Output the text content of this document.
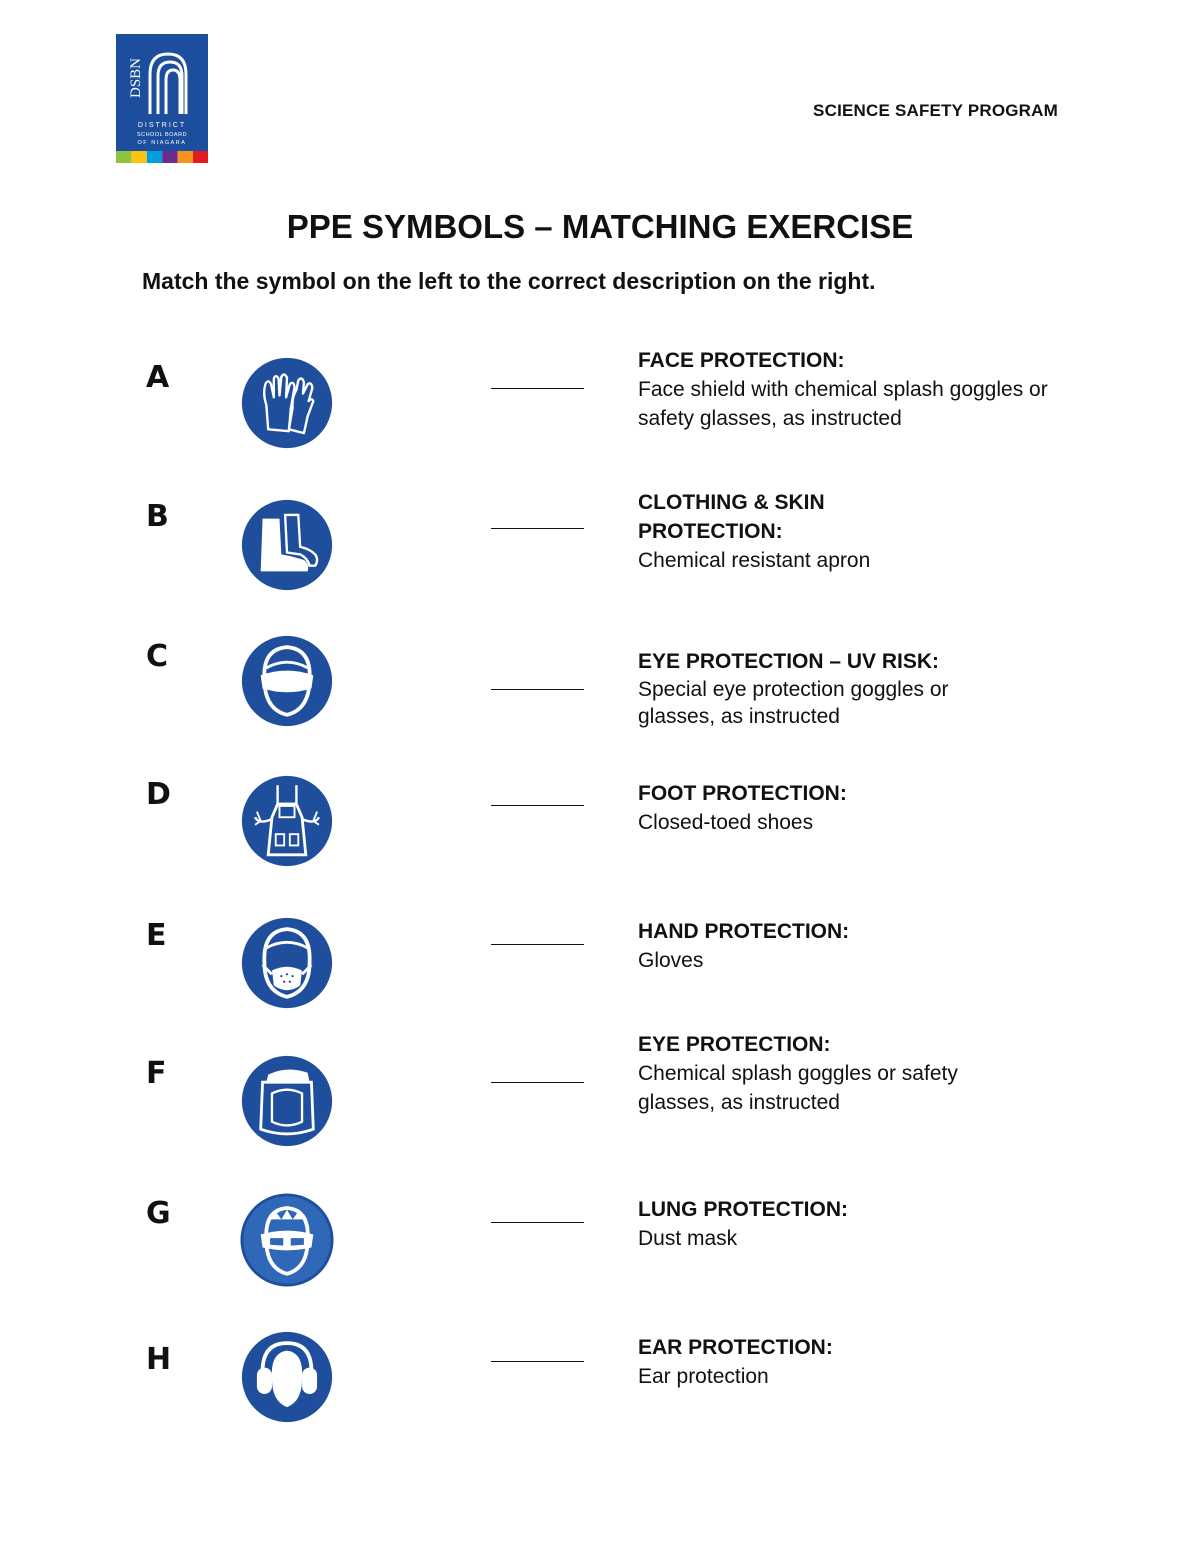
DSBN
DISTRICT
SCHOOL BOARD
OF NIAGARA
SCIENCE SAFETY PROGRAM
PPE SYMBOLS – MATCHING EXERCISE
Match the symbol on the left to the correct description on the right.
A
B
C
D
E
F
G
H
FACE PROTECTION:
Face shield with chemical splash goggles or safety glasses, as instructed
CLOTHING & SKIN PROTECTION:
Chemical resistant apron
EYE PROTECTION – UV RISK:
Special eye protection goggles or glasses, as instructed
FOOT PROTECTION:
Closed-toed shoes
HAND PROTECTION:
Gloves
EYE PROTECTION:
Chemical splash goggles or safety glasses, as instructed
LUNG PROTECTION:
Dust mask
EAR PROTECTION:
Ear protection
